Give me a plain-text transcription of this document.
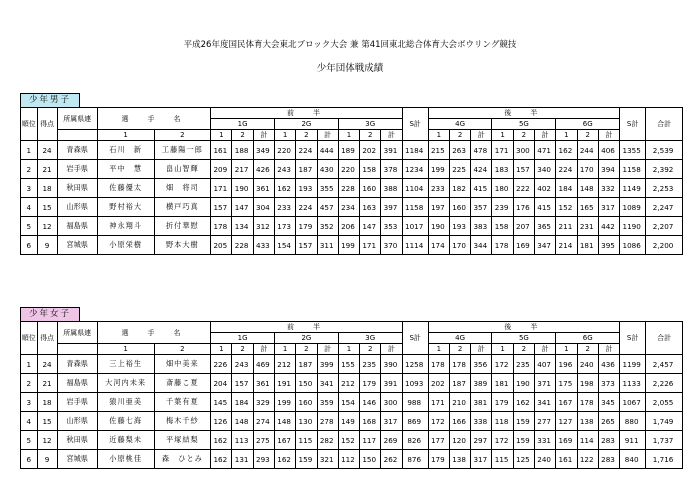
平成26年度国民体育大会東北ブロック大会 兼 第41回東北総合体育大会ボウリング競技
少年団体戦成績
少年男子
順位	得点	所属県連	選　手　名		前　半									S計	後　半									S計	合計
					1G			2G			3G				4G			5G			6G				
			1	2	1	2	計	1	2	計	1	2	計		1	2	計	1	2	計	1	2	計		
1	24	青森県	石川　新	工藤陽一郎	161	188	349	220	224	444	189	202	391	1184	215	263	478	171	300	471	162	244	406	1355	2,539
2	21	岩手県	平中　慧	畠山智輝	209	217	426	243	187	430	220	158	378	1234	199	225	424	183	157	340	224	170	394	1158	2,392
3	18	秋田県	佐藤優太	畑　将司	171	190	361	162	193	355	228	160	388	1104	233	182	415	180	222	402	184	148	332	1149	2,253
4	15	山形県	野村裕大	横戸巧真	157	147	304	233	224	457	234	163	397	1158	197	160	357	239	176	415	152	165	317	1089	2,247
5	12	福島県	神永翔斗	折付華慰	178	134	312	173	179	352	206	147	353	1017	190	193	383	158	207	365	211	231	442	1190	2,207
6	9	宮城県	小原栄樹	野本大樹	205	228	433	154	157	311	199	171	370	1114	174	170	344	178	169	347	214	181	395	1086	2,200
少年女子
順位	得点	所属県連	選　手　名		前　半									S計	後　半									S計	合計
					1G			2G			3G				4G			5G			6G				
			1	2	1	2	計	1	2	計	1	2	計		1	2	計	1	2	計	1	2	計		
1	24	青森県	三上裕生	畑中美来	226	243	469	212	187	399	155	235	390	1258	178	178	356	172	235	407	196	240	436	1199	2,457
2	21	福島県	大河内未来	斎藤こ夏	204	157	361	191	150	341	212	179	391	1093	202	187	389	181	190	371	175	198	373	1133	2,226
3	18	岩手県	猿川亜美	千葉有夏	145	184	329	199	160	359	154	146	300	988	171	210	381	179	162	341	167	178	345	1067	2,055
4	15	山形県	佐藤七海	梅木千紗	126	148	274	148	130	278	149	168	317	869	172	166	338	118	159	277	127	138	265	880	1,749
5	12	秋田県	近藤梨未	平塚結梨	162	113	275	167	115	282	152	117	269	826	177	120	297	172	159	331	169	114	283	911	1,737
6	9	宮城県	小原桃佳	森　ひとみ	162	131	293	162	159	321	112	150	262	876	179	138	317	115	125	240	161	122	283	840	1,716
